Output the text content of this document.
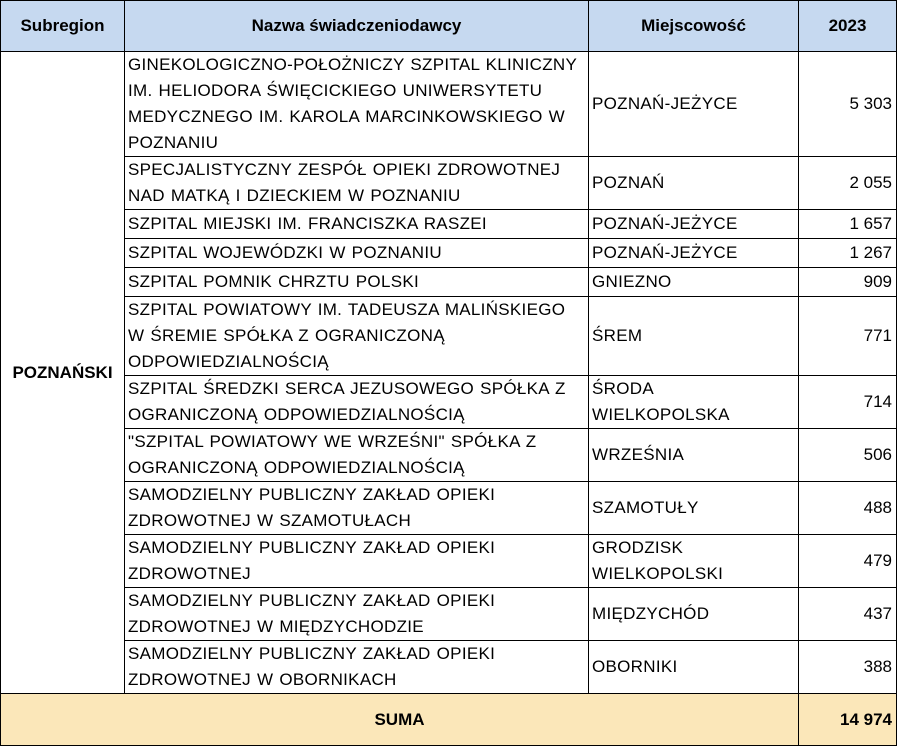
Subregion	Nazwa świadczeniodawcy	Miejscowość	2023
POZNAŃSKI	GINEKOLOGICZNO-POŁOŻNICZY SZPITAL KLINICZNY IM. HELIODORA ŚWIĘCICKIEGO UNIWERSYTETU MEDYCZNEGO IM. KAROLA MARCINKOWSKIEGO W POZNANIU	POZNAŃ-JEŻYCE	5 303
	SPECJALISTYCZNY ZESPÓŁ OPIEKI ZDROWOTNEJ NAD MATKĄ I DZIECKIEM W POZNANIU	POZNAŃ	2 055
	SZPITAL MIEJSKI IM. FRANCISZKA RASZEI	POZNAŃ-JEŻYCE	1 657
	SZPITAL WOJEWÓDZKI W POZNANIU	POZNAŃ-JEŻYCE	1 267
	SZPITAL POMNIK CHRZTU POLSKI	GNIEZNO	909
	SZPITAL POWIATOWY IM. TADEUSZA MALIŃSKIEGO W ŚREMIE SPÓŁKA Z OGRANICZONĄ ODPOWIEDZIALNOŚCIĄ	ŚREM	771
	SZPITAL ŚREDZKI SERCA JEZUSOWEGO SPÓŁKA Z OGRANICZONĄ ODPOWIEDZIALNOŚCIĄ	ŚRODA WIELKOPOLSKA	714
	"SZPITAL POWIATOWY WE WRZEŚNI" SPÓŁKA Z OGRANICZONĄ ODPOWIEDZIALNOŚCIĄ	WRZEŚNIA	506
	SAMODZIELNY PUBLICZNY ZAKŁAD OPIEKI ZDROWOTNEJ W SZAMOTUŁACH	SZAMOTUŁY	488
	SAMODZIELNY PUBLICZNY ZAKŁAD OPIEKI ZDROWOTNEJ	GRODZISK WIELKOPOLSKI	479
	SAMODZIELNY PUBLICZNY ZAKŁAD OPIEKI ZDROWOTNEJ W MIĘDZYCHODZIE	MIĘDZYCHÓD	437
	SAMODZIELNY PUBLICZNY ZAKŁAD OPIEKI ZDROWOTNEJ W OBORNIKACH	OBORNIKI	388
SUMA			14 974
